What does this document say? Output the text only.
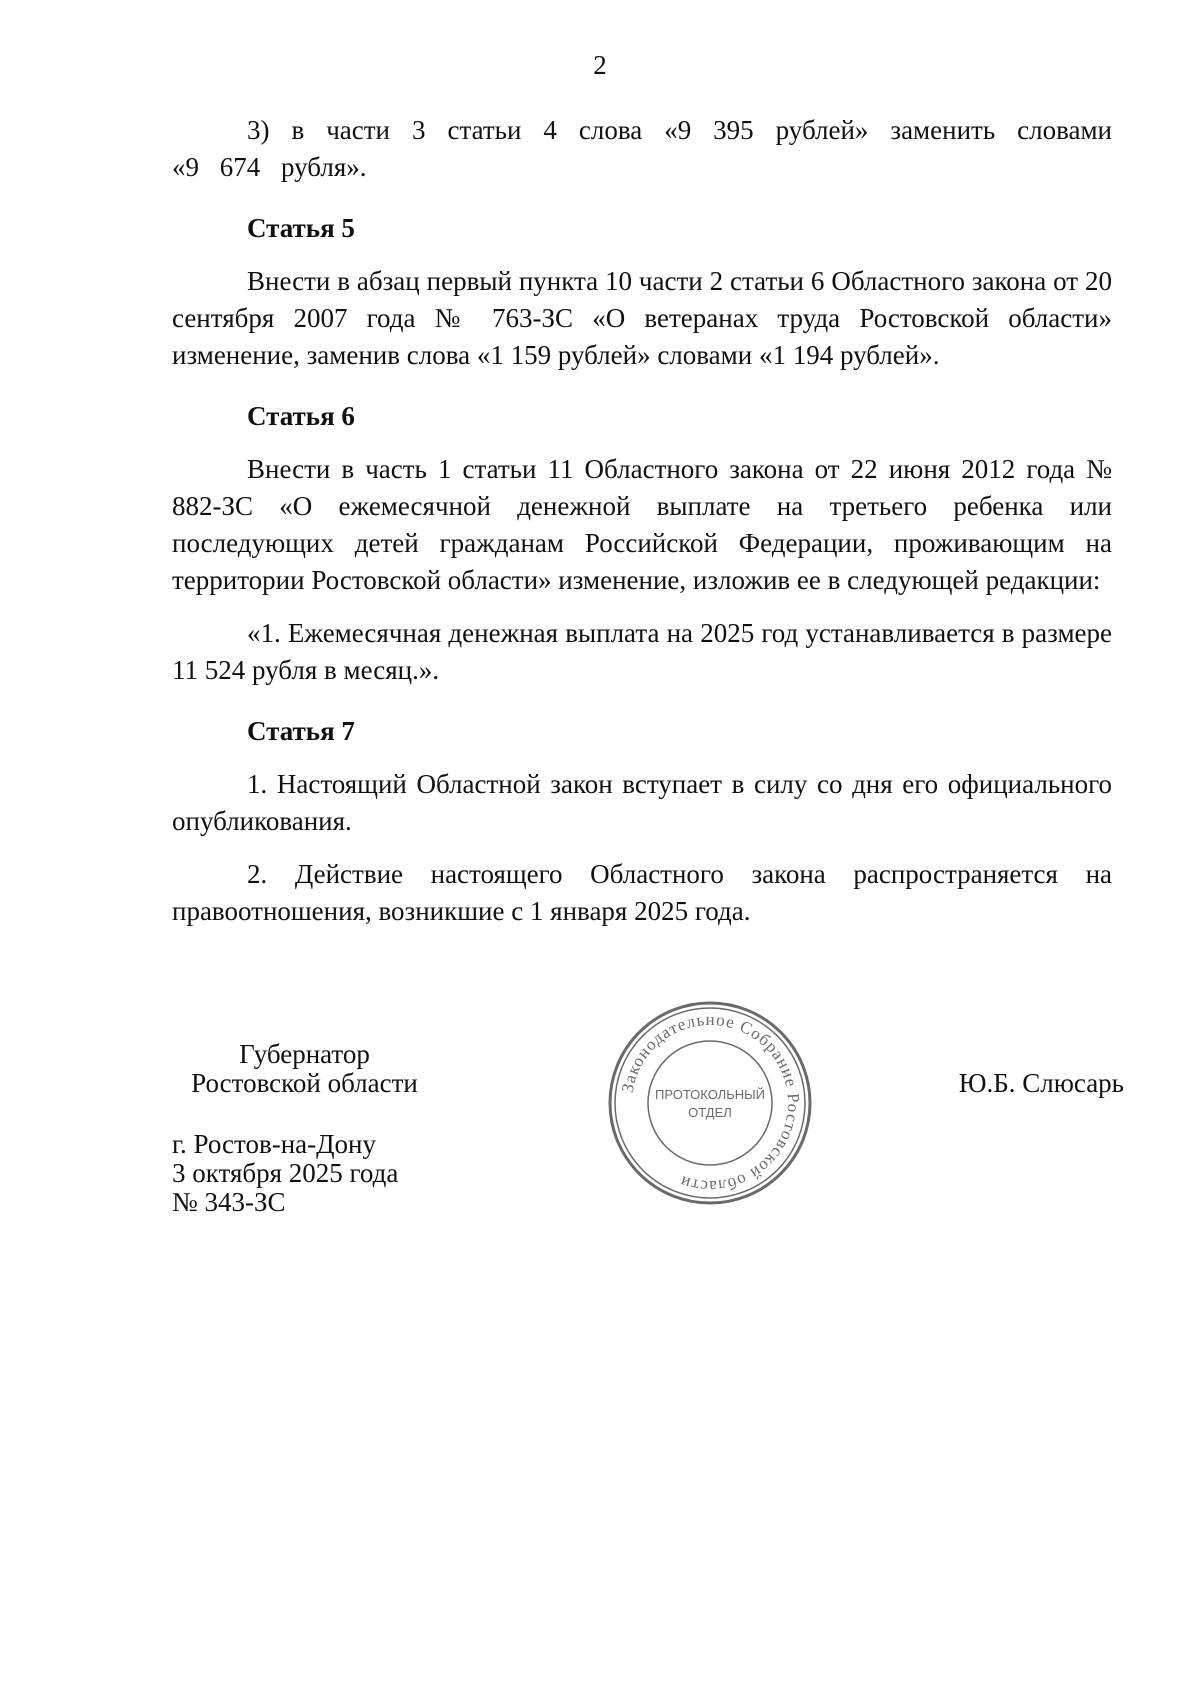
2

3) в части 3 статьи 4 слова «9 395 рублей» заменить словами «9 674 рубля».

Статья 5

Внести в абзац первый пункта 10 части 2 статьи 6 Областного закона от 20 сентября 2007 года № 763-ЗС «О ветеранах труда Ростовской области» изменение, заменив слова «1 159 рублей» словами «1 194 рублей».

Статья 6

Внести в часть 1 статьи 11 Областного закона от 22 июня 2012 года № 882-ЗС «О ежемесячной денежной выплате на третьего ребенка или последующих детей гражданам Российской Федерации, проживающим на территории Ростовской области» изменение, изложив ее в следующей редакции:

«1. Ежемесячная денежная выплата на 2025 год устанавливается в размере 11 524 рубля в месяц.».

Статья 7

1. Настоящий Областной закон вступает в силу со дня его официального опубликования.

2. Действие настоящего Областного закона распространяется на правоотношения, возникшие с 1 января 2025 года.

Губернатор
Ростовской области	Ю.Б. Слюсарь
г. Ростов-на-Дону
3 октября 2025 года
№ 343-ЗС
Законодательное Собрание Ростовской области
ПРОТОКОЛЬНЫЙ
ОТДЕЛ
